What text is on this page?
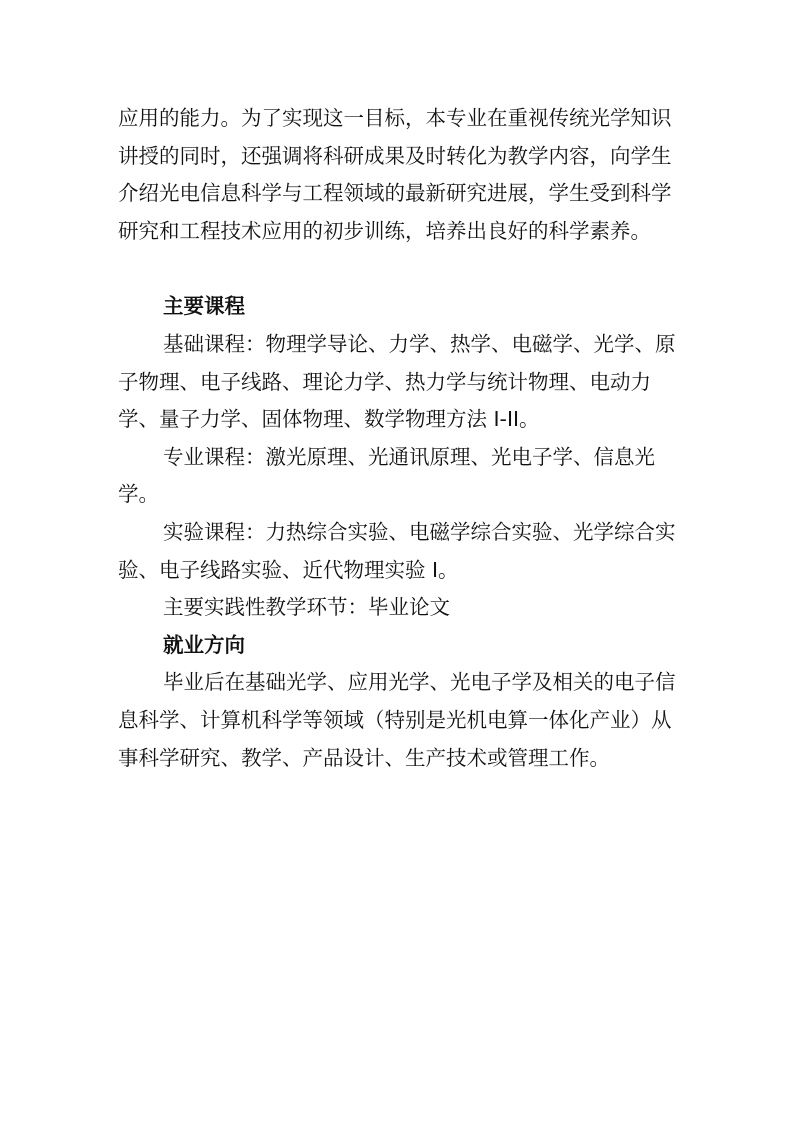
应用的能力。为了实现这一目标，本专业在重视传统光学知识讲授的同时，还强调将科研成果及时转化为教学内容，向学生介绍光电信息科学与工程领域的最新研究进展，学生受到科学研究和工程技术应用的初步训练，培养出良好的科学素养。

主要课程

基础课程：物理学导论、力学、热学、电磁学、光学、原子物理、电子线路、理论力学、热力学与统计物理、电动力学、量子力学、固体物理、数学物理方法 I-II。

专业课程：激光原理、光通讯原理、光电子学、信息光学。

实验课程：力热综合实验、电磁学综合实验、光学综合实验、电子线路实验、近代物理实验 I。

主要实践性教学环节：毕业论文

就业方向

毕业后在基础光学、应用光学、光电子学及相关的电子信息科学、计算机科学等领域（特别是光机电算一体化产业）从事科学研究、教学、产品设计、生产技术或管理工作。
